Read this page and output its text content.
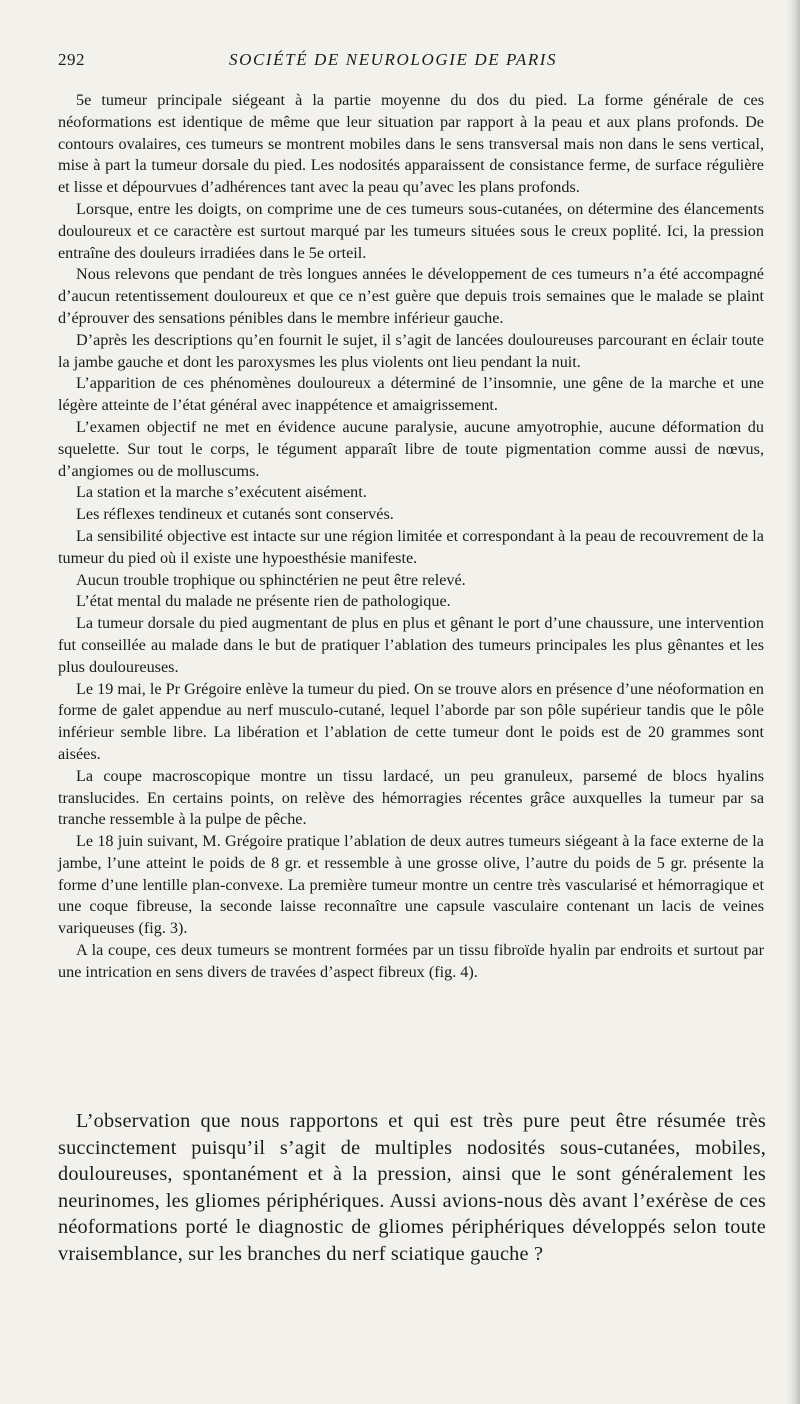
292	SOCIÉTÉ DE NEUROLOGIE DE PARIS

5e tumeur principale siégeant à la partie moyenne du dos du pied. La forme générale de ces néoformations est identique de même que leur situation par rapport à la peau et aux plans profonds. De contours ovalaires, ces tumeurs se montrent mobiles dans le sens transversal mais non dans le sens vertical, mise à part la tumeur dorsale du pied. Les nodosités apparaissent de consistance ferme, de surface régulière et lisse et dépourvues d’adhérences tant avec la peau qu’avec les plans profonds.

Lorsque, entre les doigts, on comprime une de ces tumeurs sous-cutanées, on détermine des élancements douloureux et ce caractère est surtout marqué par les tumeurs situées sous le creux poplité. Ici, la pression entraîne des douleurs irradiées dans le 5e orteil.

Nous relevons que pendant de très longues années le développement de ces tumeurs n’a été accompagné d’aucun retentissement douloureux et que ce n’est guère que depuis trois semaines que le malade se plaint d’éprouver des sensations pénibles dans le membre inférieur gauche.

D’après les descriptions qu’en fournit le sujet, il s’agit de lancées douloureuses parcourant en éclair toute la jambe gauche et dont les paroxysmes les plus violents ont lieu pendant la nuit.

L’apparition de ces phénomènes douloureux a déterminé de l’insomnie, une gêne de la marche et une légère atteinte de l’état général avec inappétence et amaigrissement.

L’examen objectif ne met en évidence aucune paralysie, aucune amyotrophie, aucune déformation du squelette. Sur tout le corps, le tégument apparaît libre de toute pigmentation comme aussi de nœvus, d’angiomes ou de molluscums.

La station et la marche s’exécutent aisément.

Les réflexes tendineux et cutanés sont conservés.

La sensibilité objective est intacte sur une région limitée et correspondant à la peau de recouvrement de la tumeur du pied où il existe une hypoesthésie manifeste.

Aucun trouble trophique ou sphinctérien ne peut être relevé.

L’état mental du malade ne présente rien de pathologique.

La tumeur dorsale du pied augmentant de plus en plus et gênant le port d’une chaussure, une intervention fut conseillée au malade dans le but de pratiquer l’ablation des tumeurs principales les plus gênantes et les plus douloureuses.

Le 19 mai, le Pr Grégoire enlève la tumeur du pied. On se trouve alors en présence d’une néoformation en forme de galet appendue au nerf musculo-cutané, lequel l’aborde par son pôle supérieur tandis que le pôle inférieur semble libre. La libération et l’ablation de cette tumeur dont le poids est de 20 grammes sont aisées.

La coupe macroscopique montre un tissu lardacé, un peu granuleux, parsemé de blocs hyalins translucides. En certains points, on relève des hémorragies récentes grâce auxquelles la tumeur par sa tranche ressemble à la pulpe de pêche.

Le 18 juin suivant, M. Grégoire pratique l’ablation de deux autres tumeurs siégeant à la face externe de la jambe, l’une atteint le poids de 8 gr. et ressemble à une grosse olive, l’autre du poids de 5 gr. présente la forme d’une lentille plan-convexe. La première tumeur montre un centre très vascularisé et hémorragique et une coque fibreuse, la seconde laisse reconnaître une capsule vasculaire contenant un lacis de veines variqueuses (fig. 3).

A la coupe, ces deux tumeurs se montrent formées par un tissu fibroïde hyalin par endroits et surtout par une intrication en sens divers de travées d’aspect fibreux (fig. 4).

L’observation que nous rapportons et qui est très pure peut être résumée très succinctement puisqu’il s’agit de multiples nodosités sous-cutanées, mobiles, douloureuses, spontanément et à la pression, ainsi que le sont généralement les neurinomes, les gliomes périphériques. Aussi avions-nous dès avant l’exérèse de ces néoformations porté le diagnostic de gliomes périphériques développés selon toute vraisemblance, sur les branches du nerf sciatique gauche ?
